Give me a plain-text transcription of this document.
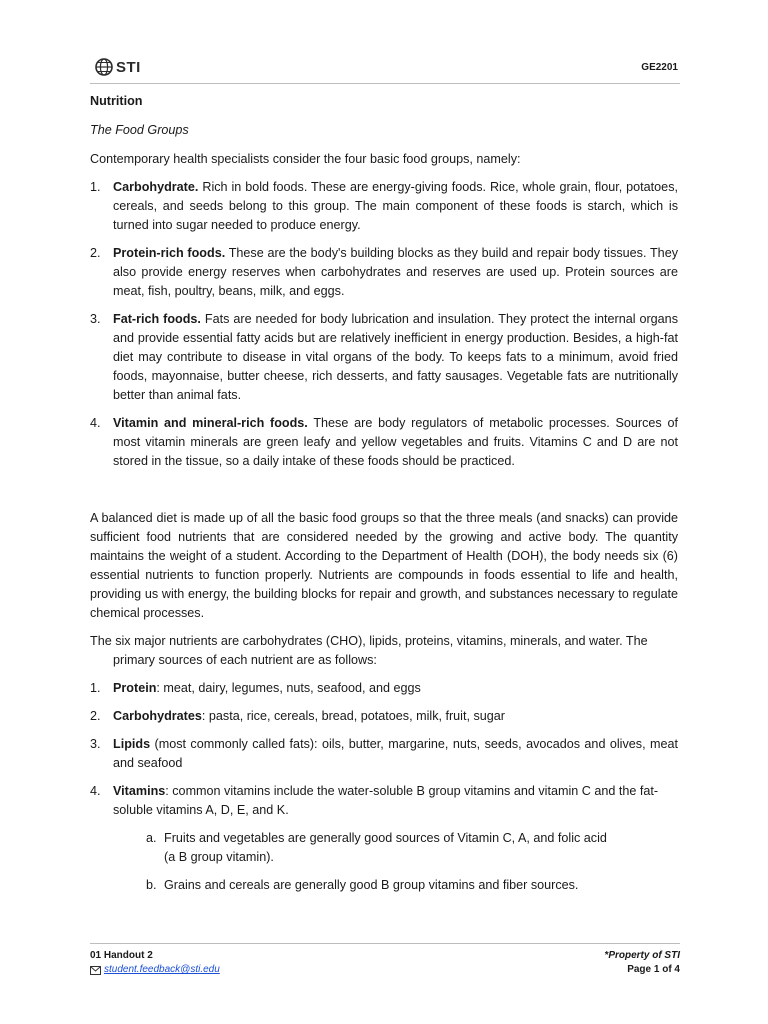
STI	GE2201

Nutrition

The Food Groups

Contemporary health specialists consider the four basic food groups, namely:

1. Carbohydrate. Rich in bold foods. These are energy-giving foods. Rice, whole grain, flour, potatoes, cereals, and seeds belong to this group. The main component of these foods is starch, which is turned into sugar needed to produce energy.
2. Protein-rich foods. These are the body's building blocks as they build and repair body tissues. They also provide energy reserves when carbohydrates and reserves are used up. Protein sources are meat, fish, poultry, beans, milk, and eggs.
3. Fat-rich foods. Fats are needed for body lubrication and insulation. They protect the internal organs and provide essential fatty acids but are relatively inefficient in energy production. Besides, a high-fat diet may contribute to disease in vital organs of the body. To keeps fats to a minimum, avoid fried foods, mayonnaise, butter cheese, rich desserts, and fatty sausages. Vegetable fats are nutritionally better than animal fats.
4. Vitamin and mineral-rich foods. These are body regulators of metabolic processes. Sources of most vitamin minerals are green leafy and yellow vegetables and fruits. Vitamins C and D are not stored in the tissue, so a daily intake of these foods should be practiced.

A balanced diet is made up of all the basic food groups so that the three meals (and snacks) can provide sufficient food nutrients that are considered needed by the growing and active body. The quantity maintains the weight of a student. According to the Department of Health (DOH), the body needs six (6) essential nutrients to function properly. Nutrients are compounds in foods essential to life and health, providing us with energy, the building blocks for repair and growth, and substances necessary to regulate chemical processes.

The six major nutrients are carbohydrates (CHO), lipids, proteins, vitamins, minerals, and water. The
primary sources of each nutrient are as follows:

1. Protein: meat, dairy, legumes, nuts, seafood, and eggs
2. Carbohydrates: pasta, rice, cereals, bread, potatoes, milk, fruit, sugar
3. Lipids (most commonly called fats): oils, butter, margarine, nuts, seeds, avocados and olives, meat and seafood
4. Vitamins: common vitamins include the water-soluble B group vitamins and vitamin C and the fat-soluble vitamins A, D, E, and K.
a. Fruits and vegetables are generally good sources of Vitamin C, A, and folic acid
(a B group vitamin).
b. Grains and cereals are generally good B group vitamins and fiber sources.
01 Handout 2
student.feedback@sti.edu
*Property of STI
Page 1 of 4
